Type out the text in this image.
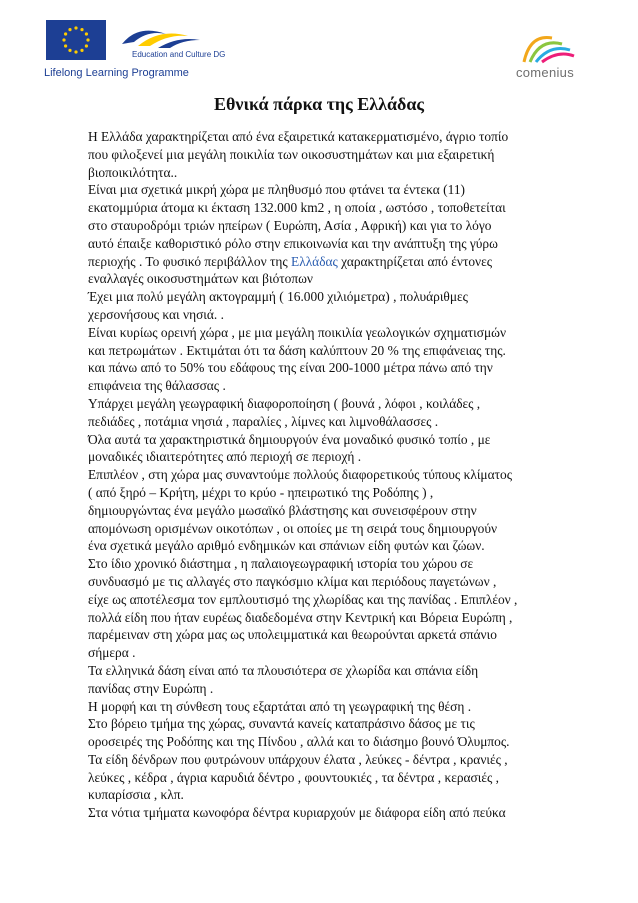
Education and Culture DG
Lifelong Learning Programme	comenius
Εθνικά πάρκα της Ελλάδας

Η Ελλάδα χαρακτηρίζεται από ένα εξαιρετικά κατακερματισμένο, άγριο τοπίο

που φιλοξενεί μια μεγάλη ποικιλία των οικοσυστημάτων και μια εξαιρετική

βιοποικιλότητα..

Είναι μια σχετικά μικρή χώρα με πληθυσμό που φτάνει τα έντεκα (11)

εκατομμύρια άτομα κι έκταση 132.000 km2 , η οποία , ωστόσο , τοποθετείται

στο σταυροδρόμι τριών ηπείρων ( Ευρώπη, Ασία , Αφρική) και για το λόγο

αυτό έπαιξε καθοριστικό ρόλο στην επικοινωνία και την ανάπτυξη της γύρω

περιοχής . Το φυσικό περιβάλλον της Ελλάδας χαρακτηρίζεται από έντονες

εναλλαγές οικοσυστημάτων και βιότοπων

Έχει μια πολύ μεγάλη ακτογραμμή ( 16.000 χιλιόμετρα) , πολυάριθμες

χερσονήσους και νησιά. .

Είναι κυρίως ορεινή χώρα , με μια μεγάλη ποικιλία γεωλογικών σχηματισμών

και πετρωμάτων . Εκτιμάται ότι τα δάση καλύπτουν 20 % της επιφάνειας της.

και πάνω από το 50% του εδάφους της είναι 200-1000 μέτρα πάνω από την

επιφάνεια της θάλασσας .

Υπάρχει μεγάλη γεωγραφική διαφοροποίηση ( βουνά , λόφοι , κοιλάδες ,

πεδιάδες , ποτάμια νησιά , παραλίες , λίμνες και λιμνοθάλασσες .

Όλα αυτά τα χαρακτηριστικά δημιουργούν ένα μοναδικό φυσικό τοπίο , με

μοναδικές ιδιαιτερότητες από περιοχή σε περιοχή .

Επιπλέον , στη χώρα μας συναντούμε πολλούς διαφορετικούς τύπους κλίματος

( από ξηρό – Κρήτη, μέχρι το κρύο - ηπειρωτικό της Ροδόπης ) ,

δημιουργώντας ένα μεγάλο μωσαϊκό βλάστησης και συνεισφέρουν στην

απομόνωση ορισμένων οικοτόπων , οι οποίες με τη σειρά τους δημιουργούν

ένα σχετικά μεγάλο αριθμό ενδημικών και σπάνιων είδη φυτών και ζώων.

Στο ίδιο χρονικό διάστημα , η παλαιογεωγραφική ιστορία του χώρου σε

συνδυασμό με τις αλλαγές στο παγκόσμιο κλίμα και περιόδους παγετώνων ,

είχε ως αποτέλεσμα τον εμπλουτισμό της χλωρίδας και της πανίδας . Επιπλέον ,

πολλά είδη που ήταν ευρέως διαδεδομένα στην Κεντρική και Βόρεια Ευρώπη ,

παρέμειναν στη χώρα μας ως υπολειμματικά και θεωρούνται αρκετά σπάνιο

σήμερα .

Τα ελληνικά δάση είναι από τα πλουσιότερα σε χλωρίδα και σπάνια είδη

πανίδας στην Ευρώπη .

Η μορφή και τη σύνθεση τους εξαρτάται από τη γεωγραφική της θέση .

Στο βόρειο τμήμα της χώρας, συναντά κανείς καταπράσινο δάσος με τις

οροσειρές της Ροδόπης και της Πίνδου , αλλά και το διάσημο βουνό Όλυμπος.

Τα είδη δένδρων που φυτρώνουν υπάρχουν έλατα , λεύκες - δέντρα , κρανιές ,

λεύκες , κέδρα , άγρια καρυδιά δέντρο , φουντουκιές , τα δέντρα , κερασιές ,

κυπαρίσσια , κλπ.

Στα νότια τμήματα κωνοφόρα δέντρα κυριαρχούν με διάφορα είδη από πεύκα
